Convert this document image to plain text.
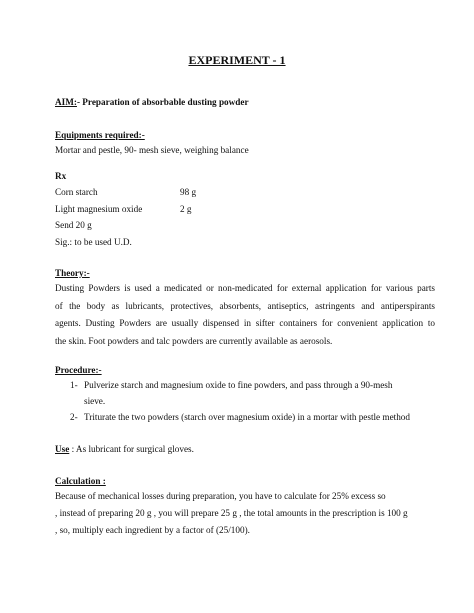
EXPERIMENT - 1
AIM:- Preparation of absorbable dusting powder
Equipments required:-
Mortar and pestle, 90- mesh sieve, weighing balance
Rx
Corn starch	98 g
Light magnesium oxide	2 g
Send 20 g
Sig.: to be used U.D.
Theory:-
Dusting Powders is used a medicated or non-medicated for external application for various parts
of the body as lubricants, protectives, absorbents, antiseptics, astringents and antiperspirants
agents. Dusting Powders are usually dispensed in sifter containers for convenient application to
the skin. Foot powders and talc powders are currently available as aerosols.
Procedure:-
1- Pulverize starch and magnesium oxide to fine powders, and pass through a 90-mesh
sieve.
2- Triturate the two powders (starch over magnesium oxide) in a mortar with pestle method
Use : As lubricant for surgical gloves.
Calculation :
Because of mechanical losses during preparation, you have to calculate for 25% excess so
, instead of preparing 20 g , you will prepare 25 g , the total amounts in the prescription is 100 g
, so, multiply each ingredient by a factor of (25/100).
